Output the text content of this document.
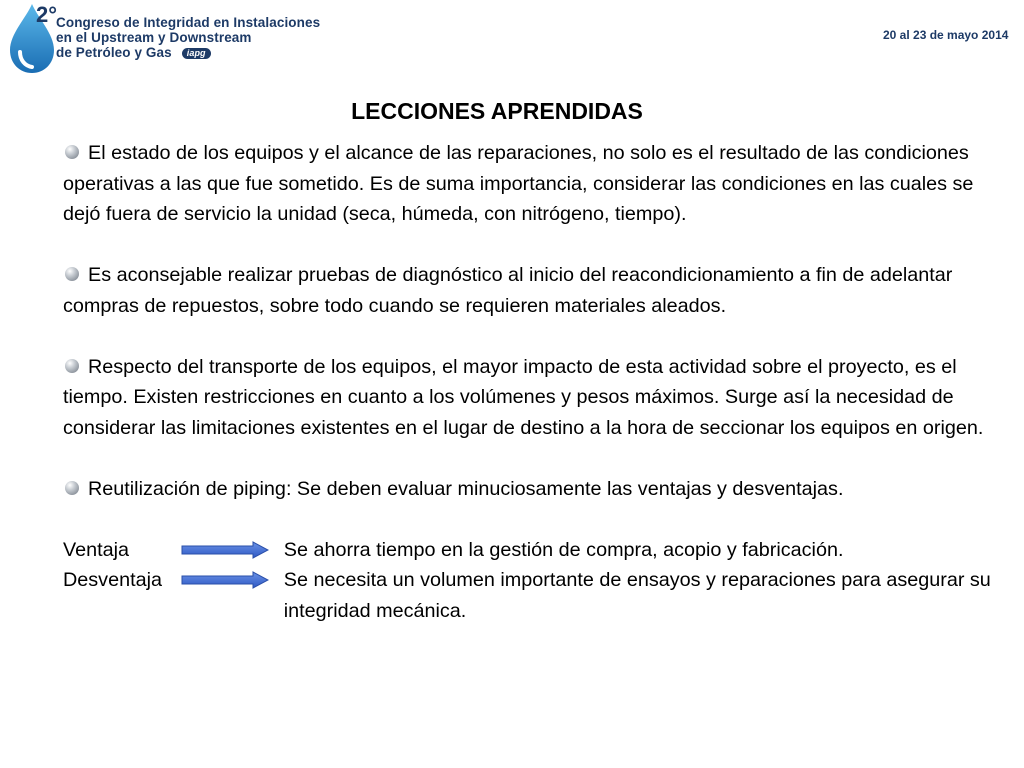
2°
Congreso de Integridad en Instalaciones
en el Upstream y Downstream
de Petróleo y Gas iapg
20 al 23 de mayo 2014
LECCIONES APRENDIDAS

El estado de los equipos y el alcance de las reparaciones, no solo es el resultado de las condiciones operativas a las que fue sometido. Es de suma importancia, considerar las condiciones en las cuales se dejó fuera de servicio la unidad (seca, húmeda, con nitrógeno, tiempo).

Es aconsejable realizar pruebas de diagnóstico al inicio del reacondicionamiento a fin de adelantar compras de repuestos, sobre todo cuando se requieren materiales aleados.

Respecto del transporte de los equipos, el mayor impacto de esta actividad sobre el proyecto, es el tiempo. Existen restricciones en cuanto a los volúmenes y pesos máximos. Surge así la necesidad de considerar las limitaciones existentes en el lugar de destino a la hora de seccionar los equipos en origen.

Reutilización de piping: Se deben evaluar minuciosamente las ventajas y desventajas.

Ventaja	Se ahorra tiempo en la gestión de compra, acopio y fabricación.
Desventaja	Se necesita un volumen importante de ensayos y reparaciones para asegurar su integridad mecánica.
